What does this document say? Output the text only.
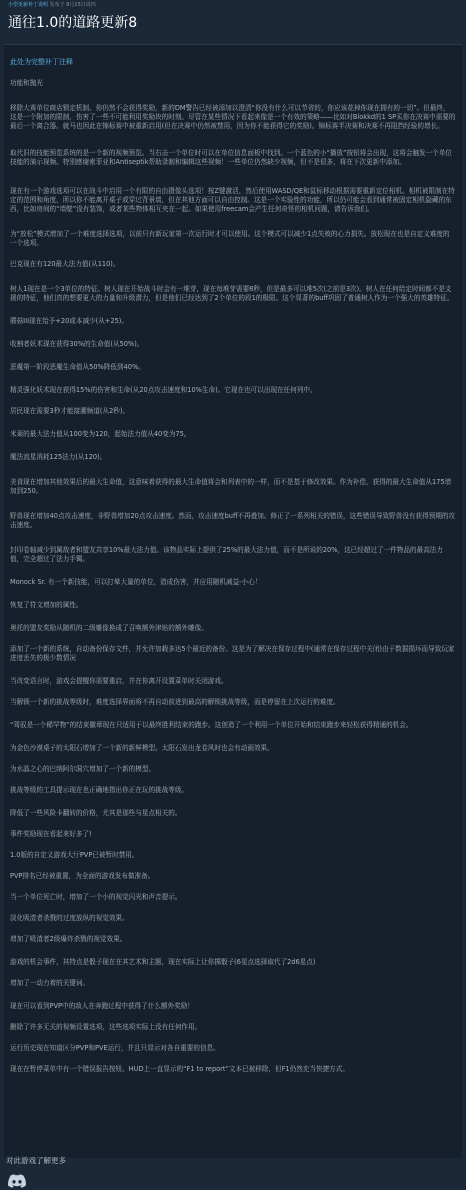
小型更新补丁说明 发布于 8月15日周四
通往1.0的道路更新8
此处为完整补丁注释
功能和抛光
移除大赛单位商店锁定机制。你仍然不会获得奖励，新的DM警告已经被添加以澄清“你没有什么可以节省的，你应该花掉你现在拥有的一切”。但最终，这是一个附加的限制，伤害了一些不可能利用奖励块的时刻。尽管在某些情况下看起来像是一个有效的策略——比如对Blokkd的1 SP买你在决赛中需要的最后一个离合器。就马也因此在锦标赛中被重新启用(但在决赛中仍然被禁用，因为你不能获得它的奖励)。锦标赛半决赛和决赛不再阻挡经验的增长。
取代旧的技能预览系统的是一个新的视频预览。当右击一个单位时可以在单位信息面板中找到。一个蓝色的小“播放”按钮将会出现，这将会触发一个单位技能的演示视频。特别感谢索菲亚和Antiseptik帮助录制和编辑这些视频！一些单位仍然缺少视频，但不是很多，将在下次更新中添加。
现在有一个游戏选项可以在战斗中启用一个有限的自由摄像头选项！按Z键激活，然后使用WASD/QE和鼠标移动根据需要重新定位相机。相机被限制在特定的范围和角度，所以你不能离开桌子或穿过背景墙，但在其他方面可以自由控制。这是一个实验性的功能，所以仍可能会看到通常被固定相机隐藏的东西，比如房间的“墙壁”没有装饰，或者某些物体相互夹在一起。如果使用freecam会产生任何奇怪的相机问题，请告诉我们。
为“放松”模式增加了一个难度选择选项，以前只有新玩家第一次运行时才可以使用。这个模式可以减少1点失败的心力损失。放松现在也是自定义难度的一个选项。
巴克现在有120最大法力值(从110)。
树人1现在是一个3单位的特征。树人现在开始战斗时会有一堆芽，现在每堆芽需要8秒，但是最多可以堆5次(之前是3次)。树人在任何给定时间都不是支援的特征，他们真的想要更大的力量和升级潜力，但是他们已经达到了2个单位的段1的极限。这个显著的buff巩固了普通树人作为一个强大的英雄特征。
蘑菇III现在给予+20或本减少(从+25)。
收割者妖术现在获得30%的生命值(从50%)。
恶魔第一阶段恶魔生命值从50%降低到40%。
精灵强化妖术现在获得15%的伤害和生命(从20点攻击速度和10%生命)。它现在也可以出现在任何列中。
居民现在需要3秒才能接潮频道(从2秒)。
米莱的最大法力值从100变为120，起始法力值从40变为75。
魔法流星消耗125法力(从120)。
美食现在增加其他效果后的最大生命值，这意味着获得的最大生命值将会和列表中的一样，而不是基于修改效果。作为补偿，获得的最大生命值从175增加到250。
野兽现在增加40点攻击速度，非野兽增加20点攻击速度。然而，攻击速度buff不再叠加。修正了一系列相关的错误，这些错误导致野兽没有获得预期的攻击速度。
封印卷轴减少到属敌者和盟友共享10%最大法力值。该物品实际上提供了25%的最大法力值，而不是所说的20%，这已经超过了一件物品的最高法力值，完全超过了法力手镯。
Monock Sr. 有一个新技能，可以打晕大量的单位，造成伤害，并应用随机减益-小心！
恢复了符文增加的属性。
奥托的盟友奖励从随机的二级雕像换成了召唤额外津贴的额外雕像。
添加了一个新的系统，自动备份保存文件，并允许加载多达5个最近的备份。这是为了解决在保存过程中(通常在保存过程中关闭)由于数据损坏而导致玩家进度丢失的极少数情况
当改变语言时，游戏会提醒你需要重启，并在你离开设置菜单时关闭游戏。
当解锁一个新的挑战等级时，难度选择界面将不再自动前进到最高的解锁挑战等级，而是停留在上次运行的难度。
“驾驭是一个稀罕物”的结束徽章现在只适用于以最终胜利结束的跑步。这创造了一个利用一个单位开始和结束跑步来轻松获得精通的机会。
为金色沙漠桌子的太阳石增加了一个新的新鲜模型。太阳石发出龙卷风时也会有动画效果。
为水晶之心的巴纳阿尔洞穴增加了一个新的模型。
挑战等级的工具提示现在也正确地指出你正在玩的挑战等级。
降低了一些风险卡翻转的价格，尤其是那些与星点相关的。
事件奖励现在看起来好多了!
1.0版的自定义游戏大厅PVP已被暂时禁用。
PVP排名已经被重置，为全面的游戏发布做准备。
当一个单位死亡时，增加了一个小的视觉闪光和声音提示。
淡化吸渣者杀戮的过度放纵的视觉效果。
增加了吸渣者2级爆炸杀戮的视觉效果。
游戏的机会事件，其特点是骰子现在在其艺术和主题，现在实际上让你掷骰子(6星点选择取代了2d6星点)
增加了一动力着的关键词。
现在可以看到PVP中的敌人在奔跑过程中获得了什么额外奖励！
删除了许多无关的视频设置选项，这些选项实际上没有任何作用。
运行历史现在知道区分PVP和PVE运行，并且只显示对各自重要的信息。
现在在暂停菜单中有一个错误报告按钮。HUD上一直显示的“F1 to report”文本已被移除，但F1仍然充当快捷方式。
对此游戏了解更多
